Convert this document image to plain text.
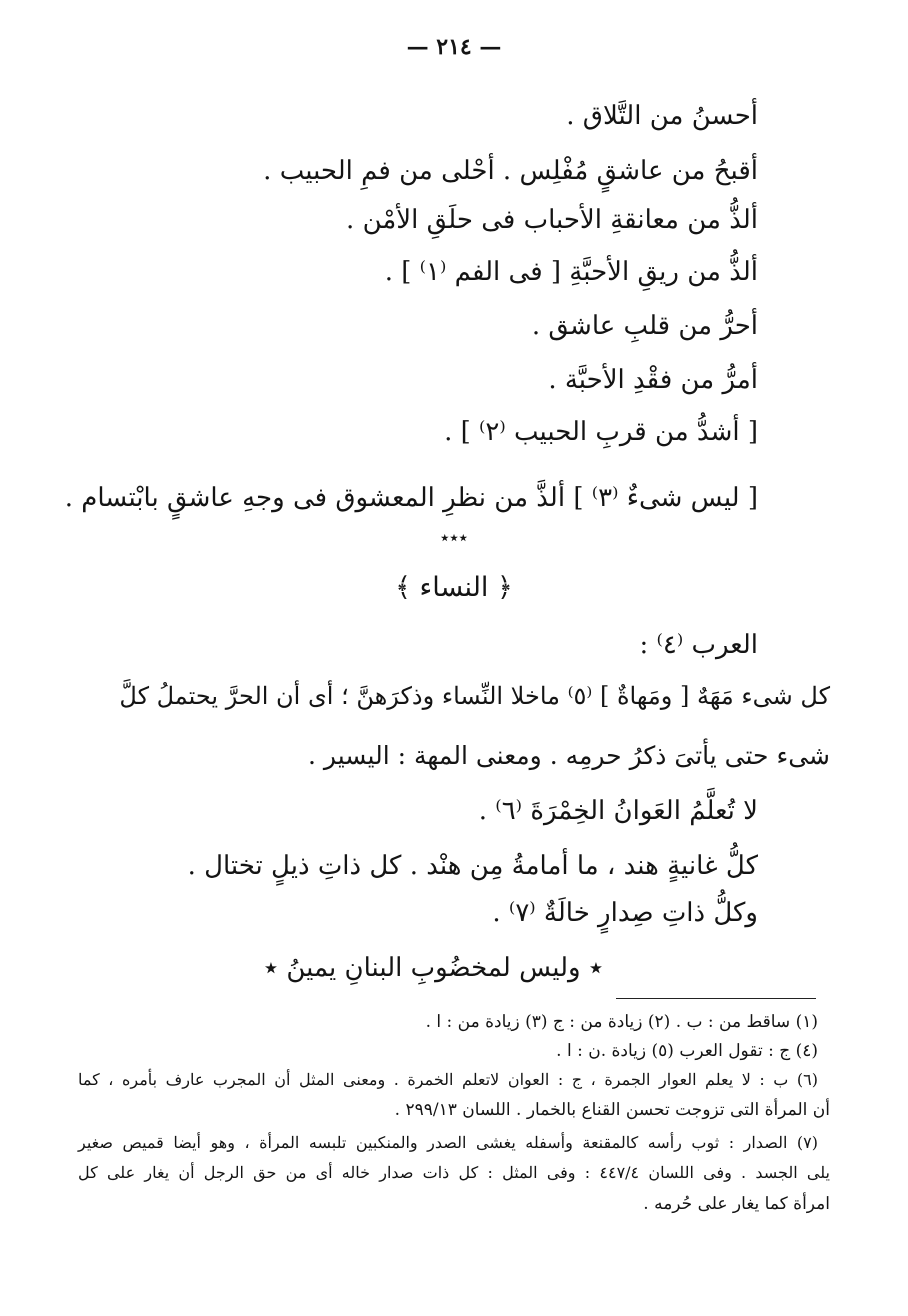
— ٢١٤ —
أحسنُ من التَّلاق .
أقبحُ من عاشقٍ مُفْلِس . أحْلى من فمِ الحبيب .
ألذُّ من معانقةِ الأحباب فى حلَقِ الأمْن .
ألذُّ من ريقِ الأحبَّةِ [ فى الفم ⁽١⁾ ] .
أحرُّ من قلبِ عاشق .
أمرُّ من فقْدِ الأحبَّة .
[ أشدُّ من قربِ الحبيب ⁽٢⁾ ] .
[ ليس شىءٌ ⁽٣⁾ ] ألذَّ من نظرِ المعشوق فى وجهِ عاشقٍ بابْتسام .
٭٭٭
﴿ النساء ﴾
العرب ⁽٤⁾ :
كل شىء مَهَهٌ [ ومَهاةٌ ] ⁽٥⁾ ماخلا النِّساء وذكرَهنَّ ؛ أى أن الحرَّ يحتملُ كلَّ
شىء حتى يأتىَ ذكرُ حرمِه . ومعنى المهة : اليسير .
لا تُعلَّمُ العَوانُ الخِمْرَةَ ⁽٦⁾ .
كلُّ غانيةٍ هند ، ما أمامةُ مِن هنْد . كل ذاتِ ذيلٍ تختال .
وكلُّ ذاتِ صِدارٍ خالَةٌ ⁽٧⁾ .
٭ وليس لمخضُوبِ البنانِ يمينُ ٭
(١) ساقط من : ب . (٢) زيادة من : ج (٣) زيادة من : ا .
(٤) ج : تقول العرب (٥) زيادة .ن : ا .
(٦) ب : لا يعلم العوار الجمرة ، ج : العوان لاتعلم الخمرة . ومعنى المثل أن المجرب عارف بأمره ، كما
أن المرأة التى تزوجت تحسن القناع بالخمار . اللسان ٢٩٩/١٣ .
(٧) الصدار : ثوب رأسه كالمقنعة وأسفله يغشى الصدر والمنكبين تلبسه المرأة ، وهو أيضا قميص صغير
يلى الجسد . وفى اللسان ٤٤٧/٤ : وفى المثل : كل ذات صدار خاله أى من حق الرجل أن يغار على كل
امرأة كما يغار على حُرمه .
